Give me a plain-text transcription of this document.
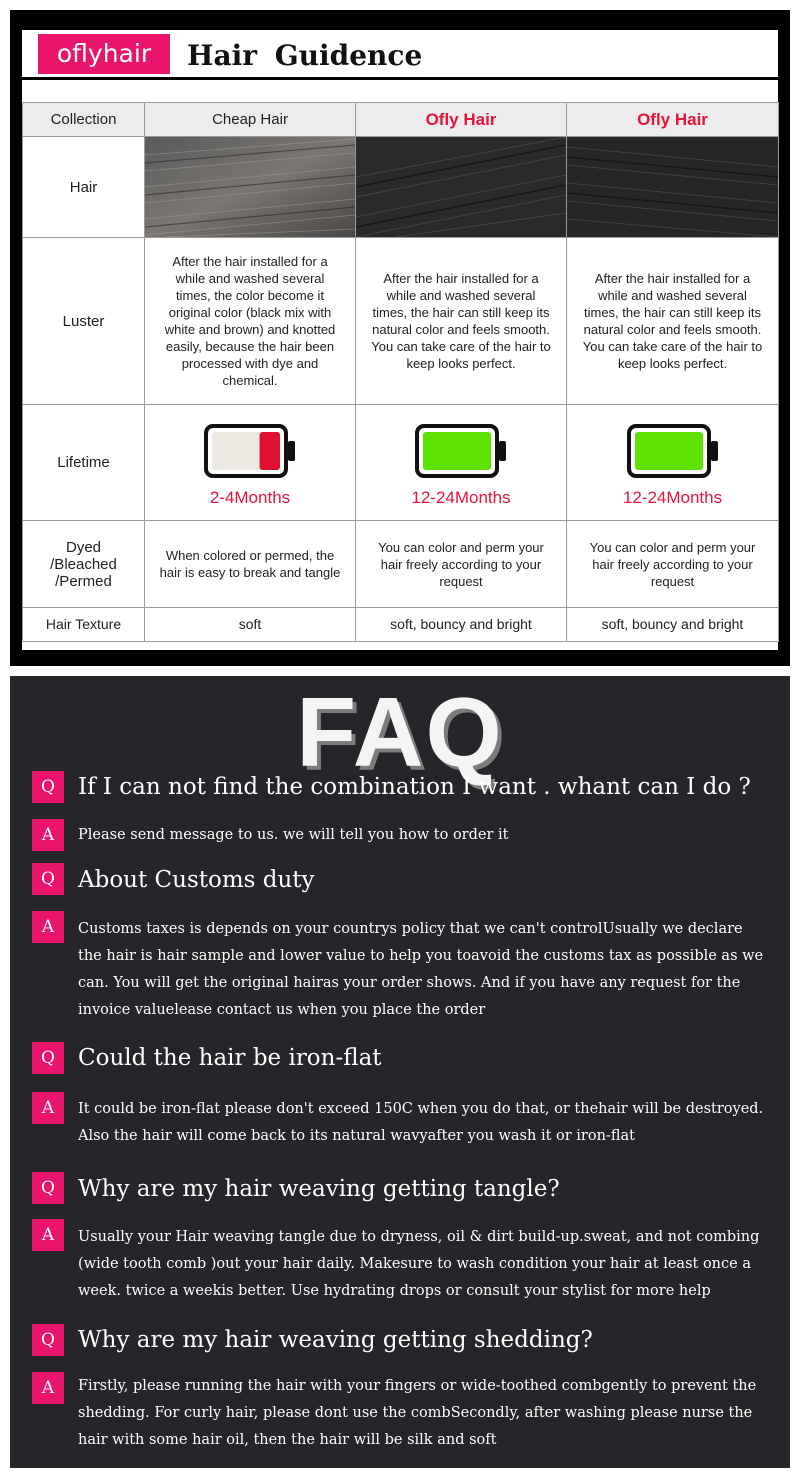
oflyhair	Hair Guidence
Collection	Cheap Hair	Ofly Hair	Ofly Hair
Hair	

Luster	After the hair installed for a while and washed several times, the color become it original color (black mix with white and brown) and knotted easily, because the hair been processed with dye and chemical.	After the hair installed for a while and washed several times, the hair can still keep its natural color and feels smooth. You can take care of the hair to keep looks perfect.	After the hair installed for a while and washed several times, the hair can still keep its natural color and feels smooth. You can take care of the hair to keep looks perfect.
Lifetime	2-4Months	12-24Months	12-24Months

Dyed /Bleached /Permed	When colored or permed, the hair is easy to break and tangle	You can color and perm your hair freely according to your request	You can color and perm your hair freely according to your request
Hair Texture	soft	soft, bouncy and bright	soft, bouncy and bright
FAQ
Q	If I can not find the combination I want . whant can I do ?
A	Please send message to us. we will tell you how to order it
Q	About Customs duty
A	Customs taxes is depends on your countrys policy that we can't controlUsually we declare the hair is hair sample and lower value to help you toavoid the customs tax as possible as we can. You will get the original hairas your order shows. And if you have any request for the invoice valuelease contact us when you place the order
Q	Could the hair be iron-flat
A	It could be iron-flat please don't exceed 150C when you do that, or thehair will be destroyed. Also the hair will come back to its natural wavyafter you wash it or iron-flat
Q	Why are my hair weaving getting tangle?
A	Usually your Hair weaving tangle due to dryness, oil & dirt build-up.sweat, and not combing (wide tooth comb )out your hair daily. Makesure to wash condition your hair at least once a week. twice a weekis better. Use hydrating drops or consult your stylist for more help
Q	Why are my hair weaving getting shedding?
A	Firstly, please running the hair with your fingers or wide-toothed combgently to prevent the shedding. For curly hair, please dont use the combSecondly, after washing please nurse the hair with some hair oil, then the hair will be silk and soft
